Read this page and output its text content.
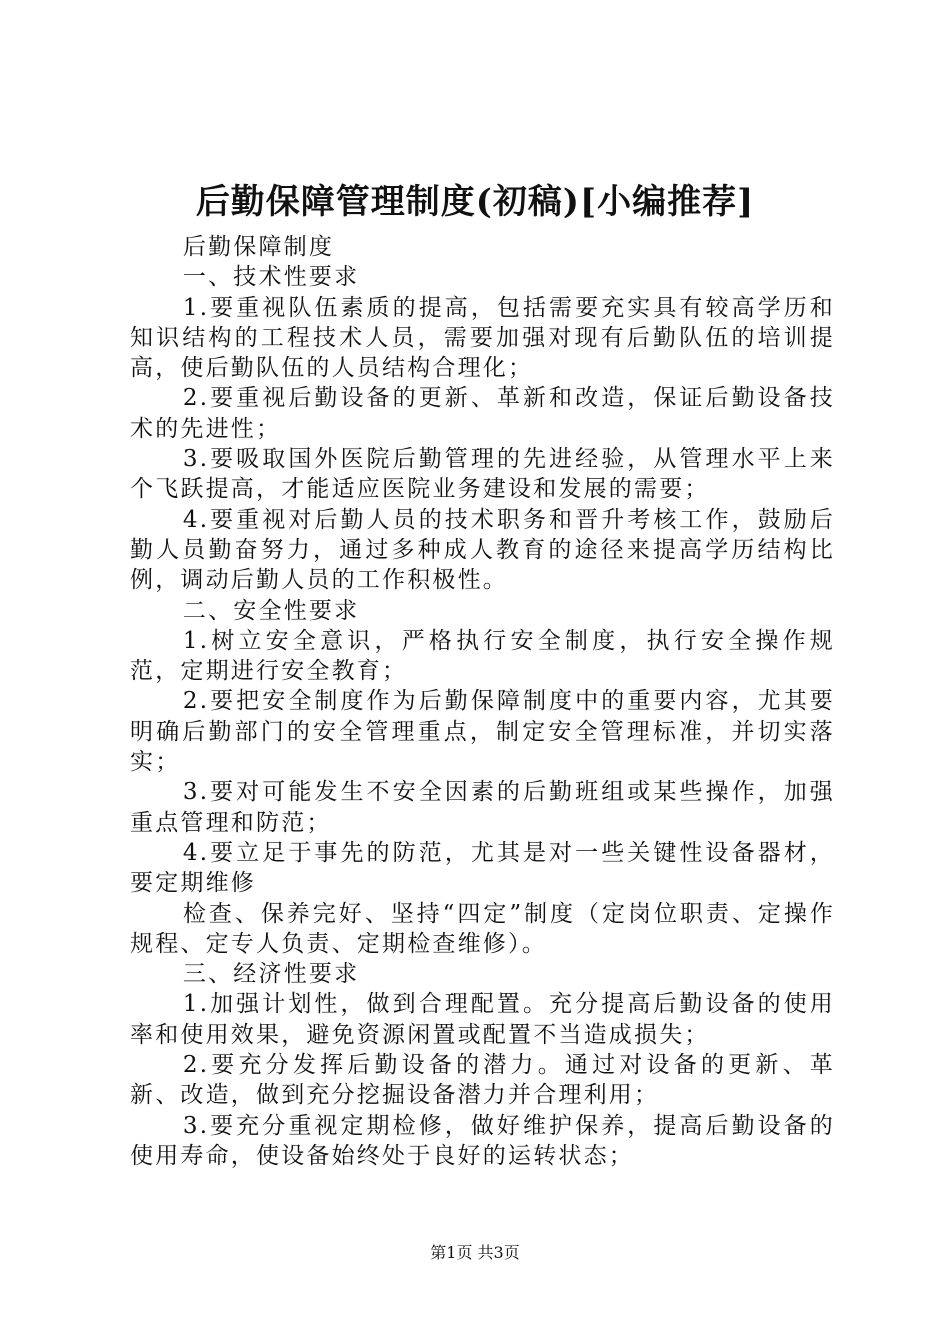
后勤保障管理制度(初稿)[小编推荐]

后勤保障制度

一、技术性要求

1.要重视队伍素质的提高，包括需要充实具有较高学历和知识结构的工程技术人员，需要加强对现有后勤队伍的培训提高，使后勤队伍的人员结构合理化；

2.要重视后勤设备的更新、革新和改造，保证后勤设备技术的先进性；

3.要吸取国外医院后勤管理的先进经验，从管理水平上来个飞跃提高，才能适应医院业务建设和发展的需要；

4.要重视对后勤人员的技术职务和晋升考核工作，鼓励后勤人员勤奋努力，通过多种成人教育的途径来提高学历结构比例，调动后勤人员的工作积极性。

二、安全性要求

1.树立安全意识，严格执行安全制度，执行安全操作规范，定期进行安全教育；

2.要把安全制度作为后勤保障制度中的重要内容，尤其要明确后勤部门的安全管理重点，制定安全管理标准，并切实落实；

3.要对可能发生不安全因素的后勤班组或某些操作，加强重点管理和防范；

4.要立足于事先的防范，尤其是对一些关键性设备器材，要定期维修

检查、保养完好、坚持“四定”制度（定岗位职责、定操作规程、定专人负责、定期检查维修）。

三、经济性要求

1.加强计划性，做到合理配置。充分提高后勤设备的使用率和使用效果，避免资源闲置或配置不当造成损失；

2.要充分发挥后勤设备的潜力。通过对设备的更新、革新、改造，做到充分挖掘设备潜力并合理利用；

3.要充分重视定期检修，做好维护保养，提高后勤设备的使用寿命，使设备始终处于良好的运转状态；

第1页 共3页
